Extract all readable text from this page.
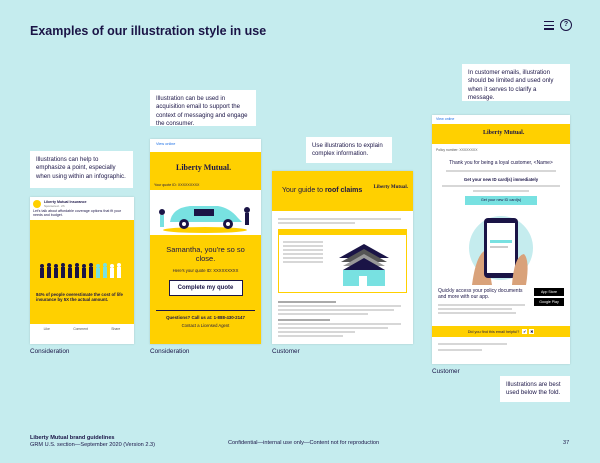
Examples of our illustration style in use	?
Illustrations can help to emphasize a point, especially when using within an infographic.
Illustration can be used in acquisition email to support the context of messaging and engage the consumer.
Use illustrations to explain complex information.
In customer emails, illustration should be limited and used only when it serves to clarify a message.
Illustrations are best used below the fold.
Liberty Mutual Insurance
Sponsored · 2h
Let's talk about affordable coverage options that fit your needs and budget.
84% of people overestimate the cost of life insurance by 5X the actual amount.
Like	Comment	Share
Consideration
View online
Liberty Mutual.
Your quote ID: XXXXXXXXX
Samantha, you're so so close.
Here's your quote ID: XXXXXXXXX
Complete my quote
Questions? Call us at: 1-888-430-2147
Contact a Licensed Agent
Consideration
Your guide to roof claims Liberty Mutual.
Customer
View online
Liberty Mutual.
Policy number: XXXXXXXX
Thank you for being a loyal customer, <Name>
Get your new ID card(s) immediately
Get your new ID card(s)
Quickly access your policy documents and more with our app.
App Store
Google Play
Did you find this email helpful? ✔ ✖
Customer
Liberty Mutual brand guidelines
GRM U.S. section—September 2020 (Version 2.3)	Confidential—internal use only—Content not for reproduction	37
